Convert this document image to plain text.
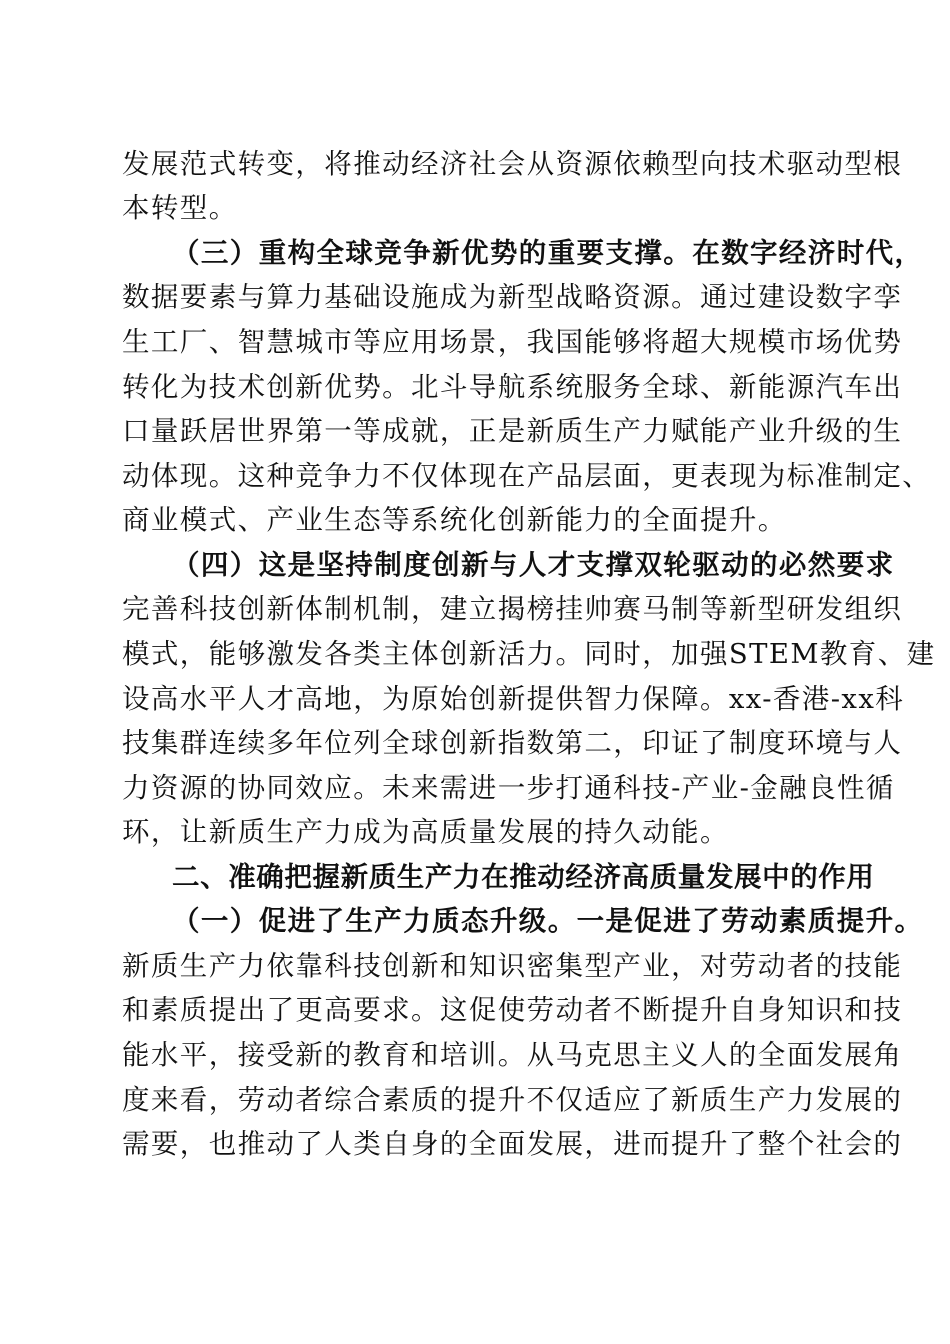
发展范式转变，将推动经济社会从资源依赖型向技术驱动型根
本转型。
（三）重构全球竞争新优势的重要支撑。在数字经济时代，
数据要素与算力基础设施成为新型战略资源。通过建设数字孪
生工厂、智慧城市等应用场景，我国能够将超大规模市场优势
转化为技术创新优势。北斗导航系统服务全球、新能源汽车出
口量跃居世界第一等成就，正是新质生产力赋能产业升级的生
动体现。这种竞争力不仅体现在产品层面，更表现为标准制定、
商业模式、产业生态等系统化创新能力的全面提升。
（四）这是坚持制度创新与人才支撑双轮驱动的必然要求
完善科技创新体制机制，建立揭榜挂帅赛马制等新型研发组织
模式，能够激发各类主体创新活力。同时，加强STEM教育、建
设高水平人才高地，为原始创新提供智力保障。xx-香港-xx科
技集群连续多年位列全球创新指数第二，印证了制度环境与人
力资源的协同效应。未来需进一步打通科技-产业-金融良性循
环，让新质生产力成为高质量发展的持久动能。
二、准确把握新质生产力在推动经济高质量发展中的作用
（一）促进了生产力质态升级。一是促进了劳动素质提升。
新质生产力依靠科技创新和知识密集型产业，对劳动者的技能
和素质提出了更高要求。这促使劳动者不断提升自身知识和技
能水平，接受新的教育和培训。从马克思主义人的全面发展角
度来看，劳动者综合素质的提升不仅适应了新质生产力发展的
需要，也推动了人类自身的全面发展，进而提升了整个社会的
